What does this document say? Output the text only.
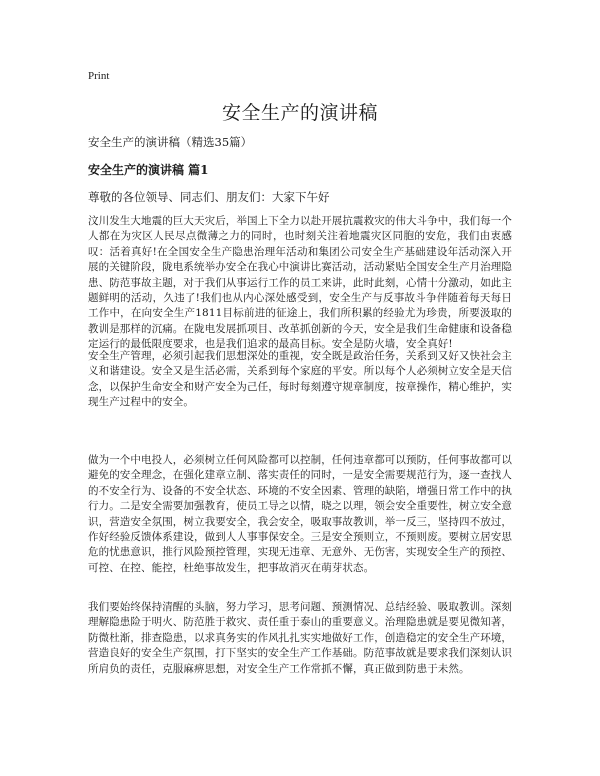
Print
安全生产的演讲稿

安全生产的演讲稿（精选35篇）

安全生产的演讲稿 篇1

尊敬的各位领导、同志们、朋友们：大家下午好

汶川发生大地震的巨大天灾后，举国上下全力以赴开展抗震救灾的伟大斗争中，我们每一个人都在为灾区人民尽点微薄之力的同时，也时刻关注着地震灾区同胞的安危，我们由衷感叹：活着真好!在全国安全生产隐患治理年活动和集团公司安全生产基础建设年活动深入开展的关键阶段，陇电系统举办安全在我心中演讲比赛活动，活动紧贴全国安全生产月治理隐患、防范事故主题，对于我们从事运行工作的员工来讲，此时此刻，心情十分激动，如此主题鲜明的活动，久违了!我们也从内心深处感受到，安全生产与反事故斗争伴随着每天每日工作中，在向安全生产1811目标前进的征途上，我们所积累的经验尤为珍贵，所要汲取的教训是那样的沉痛。在陇电发展抓项目、改革抓创新的今天，安全是我们生命健康和设备稳定运行的最低限度要求，也是我们追求的最高目标。安全是防火墙，安全真好!

安全生产管理，必须引起我们思想深处的重视，安全既是政治任务，关系到又好又快社会主义和谐建设。安全又是生活必需，关系到每个家庭的平安。所以每个人必须树立安全是天信念，以保护生命安全和财产安全为己任，每时每刻遵守规章制度，按章操作，精心维护，实现生产过程中的安全。

做为一个中电投人，必须树立任何风险都可以控制，任何违章都可以预防，任何事故都可以避免的安全理念，在强化建章立制、落实责任的同时，一是安全需要规范行为，逐一查找人的不安全行为、设备的不安全状态、环境的不安全因素、管理的缺陷，增强日常工作中的执行力。二是安全需要加强教育，使员工导之以情，晓之以理，领会安全重要性，树立安全意识，营造安全氛围，树立我要安全，我会安全，吸取事故教训，举一反三，坚持四不放过，作好经验反馈体系建设，做到人人事事保安全。三是安全预则立，不预则废。要树立居安思危的忧患意识，推行风险预控管理，实现无违章、无意外、无伤害，实现安全生产的预控、可控、在控、能控，杜绝事故发生，把事故消灭在萌芽状态。

我们要始终保持清醒的头脑，努力学习，思考问题、预测情况、总结经验、吸取教训。深刻理解隐患险于明火、防范胜于救灾、责任重于泰山的重要意义。治理隐患就是要见微知著，防微杜渐，排查隐患，以求真务实的作风扎扎实实地做好工作，创造稳定的安全生产环境，营造良好的安全生产氛围，打下坚实的安全生产工作基础。防范事故就是要求我们深刻认识所肩负的责任，克服麻痹思想，对安全生产工作常抓不懈，真正做到防患于未然。
